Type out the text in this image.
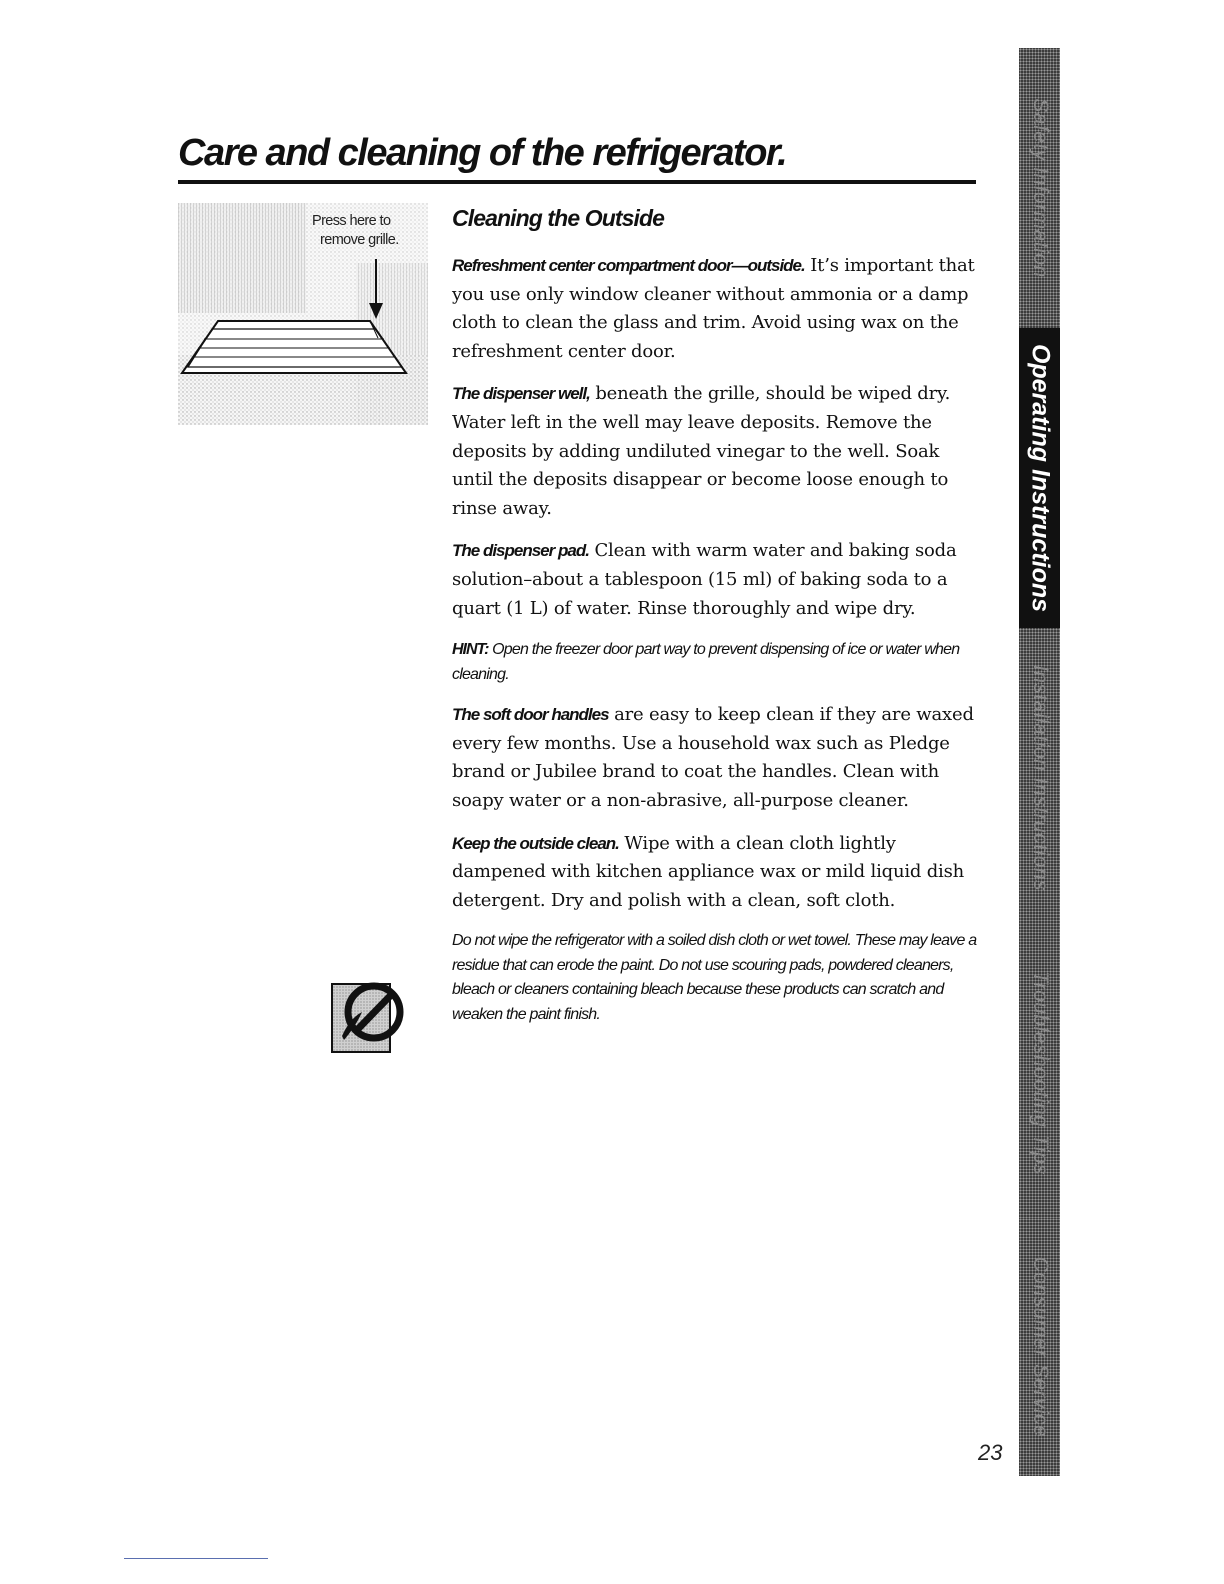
Care and cleaning of the refrigerator.
Press here to
remove grille.
Cleaning the Outside

Refreshment center compartment door—outside. It’s important that you use only window cleaner without ammonia or a damp cloth to clean the glass and trim. Avoid using wax on the refreshment center door.

The dispenser well, beneath the grille, should be wiped dry. Water left in the well may leave deposits. Remove the deposits by adding undiluted vinegar to the well. Soak until the deposits disappear or become loose enough to rinse away.

The dispenser pad. Clean with warm water and baking soda solution–about a tablespoon (15 ml) of baking soda to a quart (1 L) of water. Rinse thoroughly and wipe dry.

HINT: Open the freezer door part way to prevent dispensing of ice or water when cleaning.

The soft door handles are easy to keep clean if they are waxed every few months. Use a household wax such as Pledge brand or Jubilee brand to coat the handles. Clean with soapy water or a non-abrasive, all-purpose cleaner.

Keep the outside clean. Wipe with a clean cloth lightly dampened with kitchen appliance wax or mild liquid dish detergent. Dry and polish with a clean, soft cloth.

Do not wipe the refrigerator with a soiled dish cloth or wet towel. These may leave a residue that can erode the paint. Do not use scouring pads, powdered cleaners, bleach or cleaners containing bleach because these products can scratch and weaken the paint finish.

Safety Information
Operating Instructions
Installation Instructions
Troubleshooting Tips
Consumer Service
23
